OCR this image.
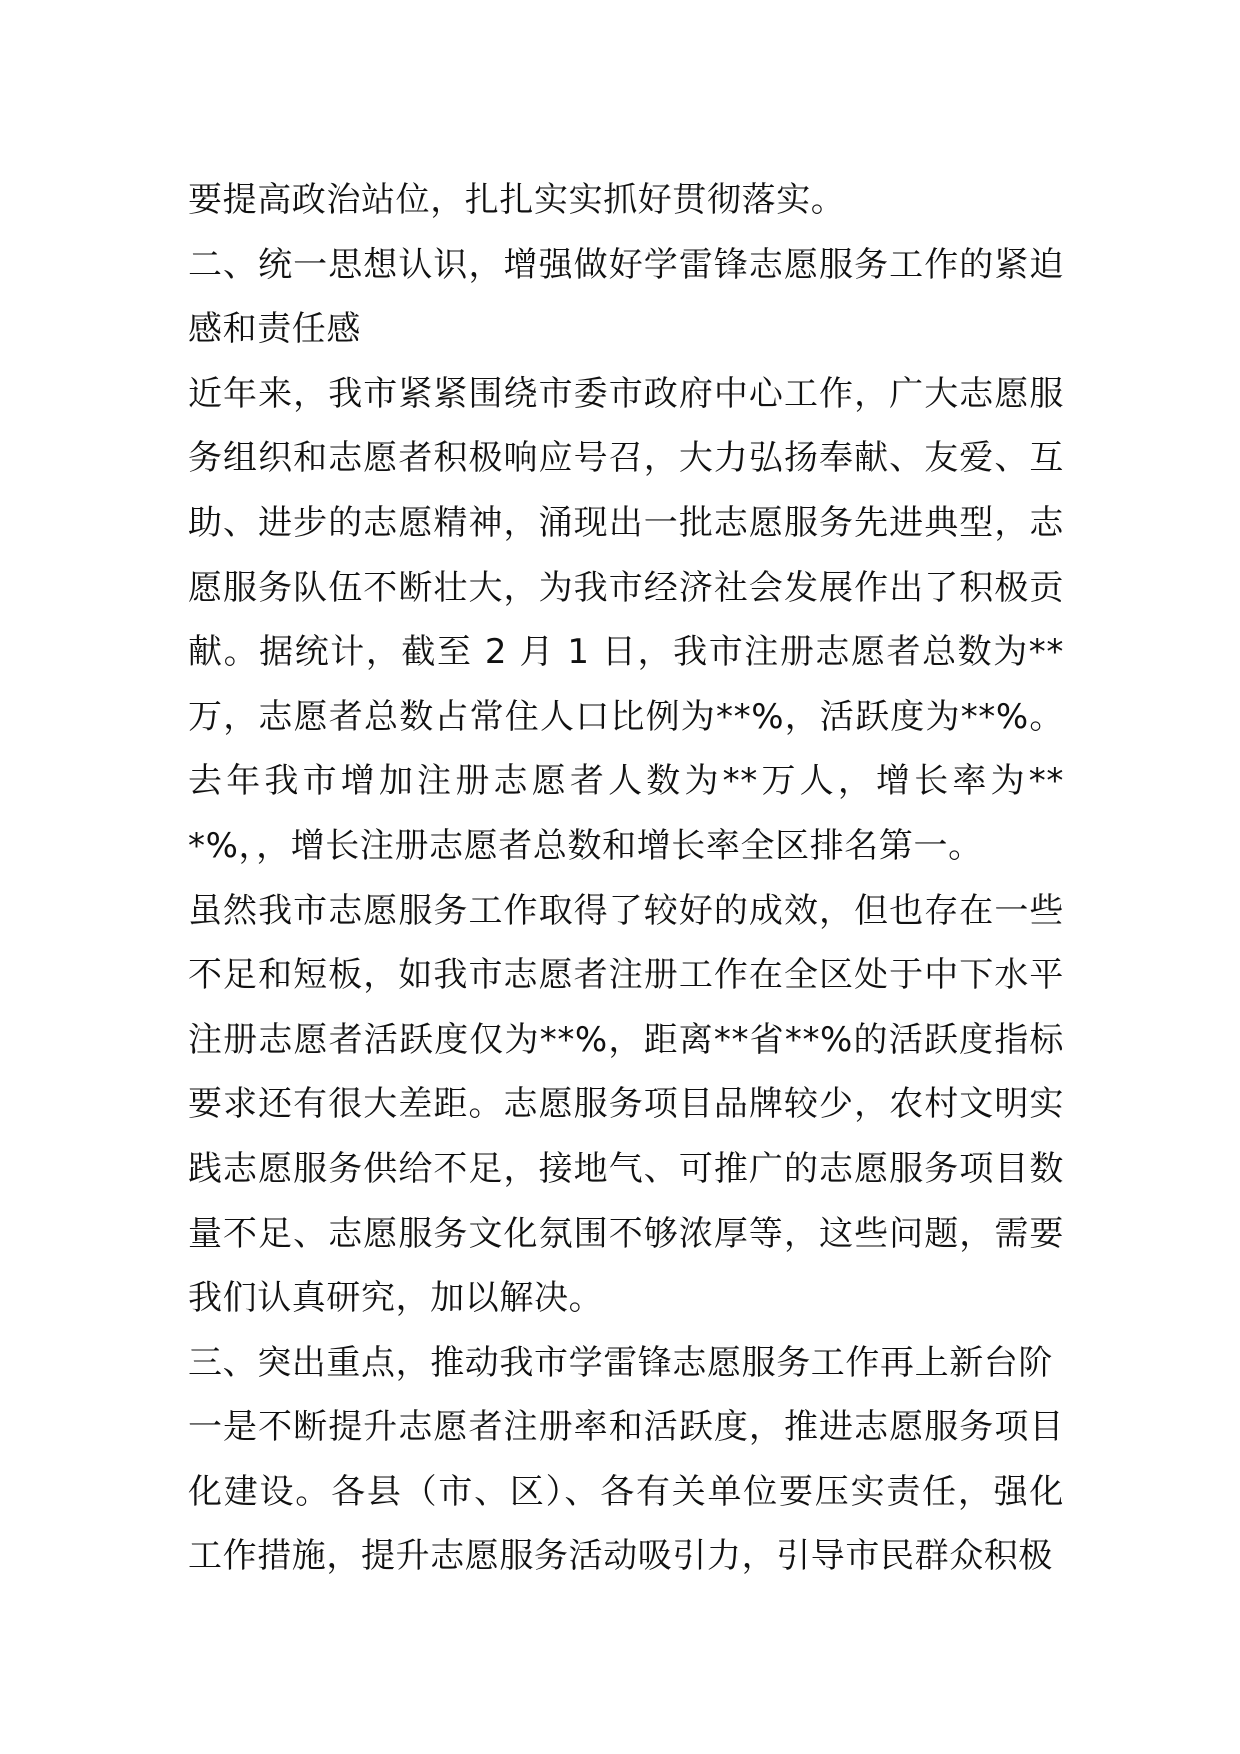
要提高政治站位，扎扎实实抓好贯彻落实。

二、统一思想认识，增强做好学雷锋志愿服务工作的紧迫感和责任感

近年来，我市紧紧围绕市委市政府中心工作，广大志愿服务组织和志愿者积极响应号召，大力弘扬奉献、友爱、互助、进步的志愿精神，涌现出一批志愿服务先进典型，志愿服务队伍不断壮大，为我市经济社会发展作出了积极贡献。据统计，截至 2 月 1 日，我市注册志愿者总数为**万，志愿者总数占常住人口比例为**%，活跃度为**%。去年我市增加注册志愿者人数为**万人，增长率为***%，，增长注册志愿者总数和增长率全区排名第一。

虽然我市志愿服务工作取得了较好的成效，但也存在一些不足和短板，如我市志愿者注册工作在全区处于中下水平注册志愿者活跃度仅为**%，距离**省**%的活跃度指标要求还有很大差距。志愿服务项目品牌较少，农村文明实践志愿服务供给不足，接地气、可推广的志愿服务项目数量不足、志愿服务文化氛围不够浓厚等，这些问题，需要我们认真研究，加以解决。

三、突出重点，推动我市学雷锋志愿服务工作再上新台阶

一是不断提升志愿者注册率和活跃度，推进志愿服务项目化建设。各县（市、区）、各有关单位要压实责任，强化工作措施，提升志愿服务活动吸引力，引导市民群众积极
